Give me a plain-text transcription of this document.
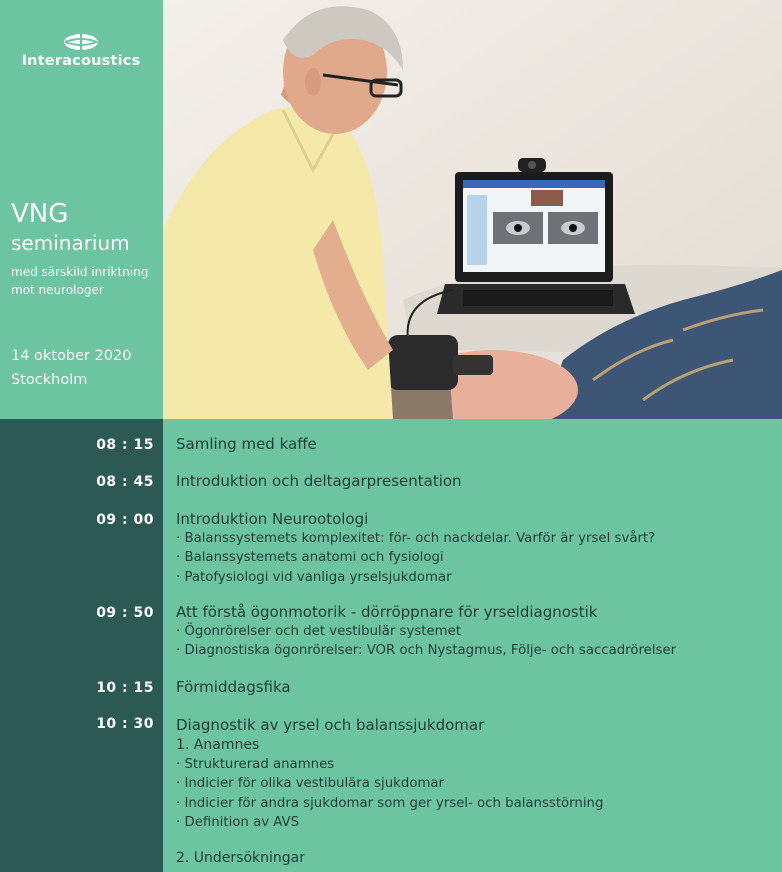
Interacoustics
VNG
seminarium
med särskild inriktning mot neurologer
14 oktober 2020
Stockholm
08 : 15 Samling med kaffe
08 : 45 Introduktion och deltagarpresentation
09 : 00 Introduktion Neurootologi
· Balanssystemets komplexitet: för- och nackdelar. Varför är yrsel svårt?
· Balanssystemets anatomi och fysiologi
· Patofysiologi vid vanliga yrselsjukdomar
09 : 50 Att förstå ögonmotorik - dörröppnare för yrseldiagnostik
· Ögonrörelser och det vestibulär systemet
· Diagnostiska ögonrörelser: VOR och Nystagmus, Följe- och saccadrörelser
10 : 15 Förmiddagsfika
10 : 30 Diagnostik av yrsel och balanssjukdomar
1. Anamnes
· Strukturerad anamnes
· Indicier för olika vestibulära sjukdomar
· Indicier för andra sjukdomar som ger yrsel- och balansstörning
· Definition av AVS
2. Undersökningar
